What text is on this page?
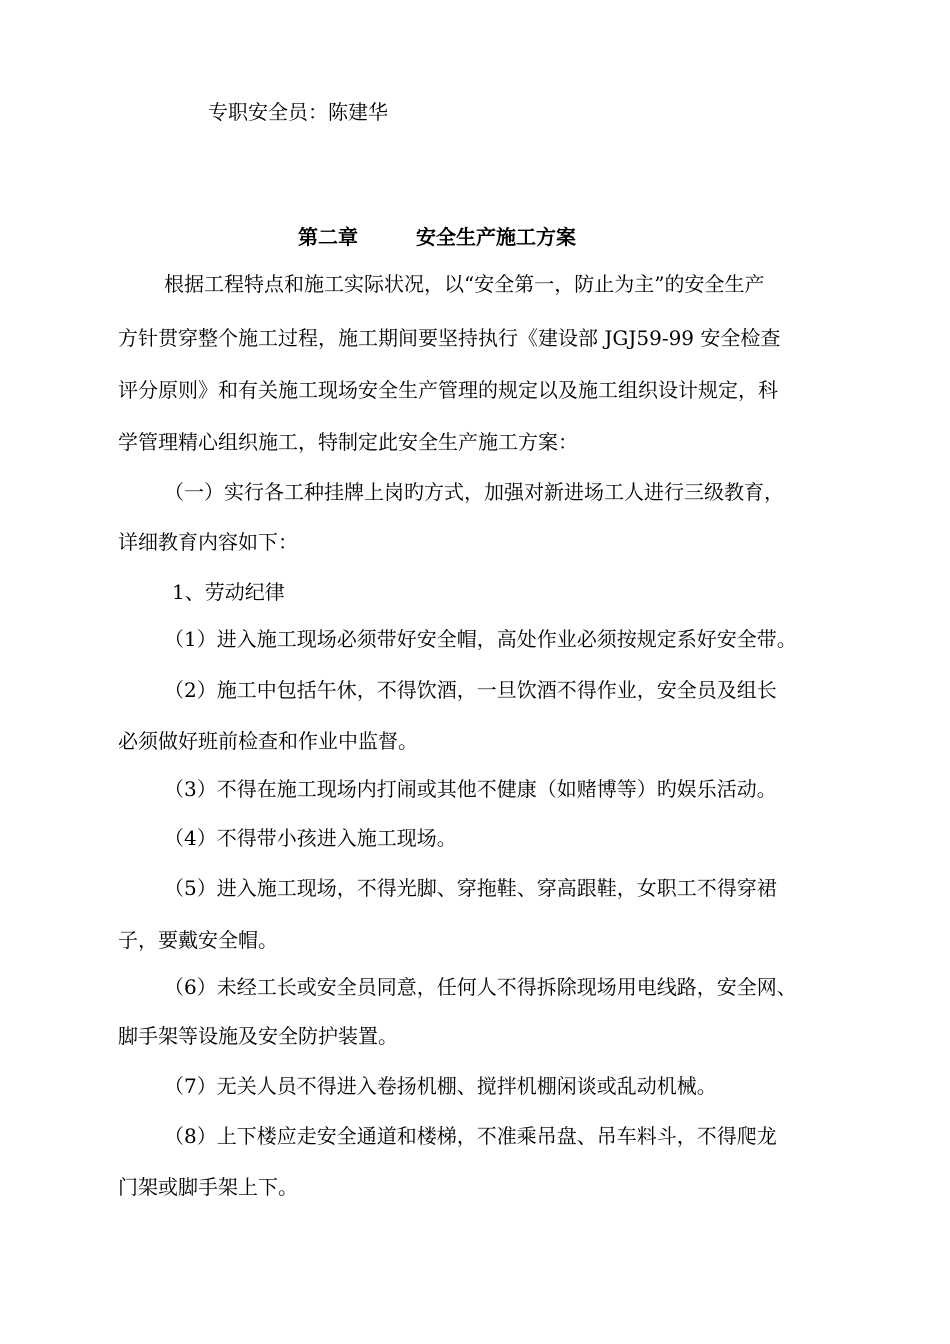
专职安全员：陈建华
第二章	安全生产施工方案
根据工程特点和施工实际状况，以“安全第一，防止为主”的安全生产
方针贯穿整个施工过程，施工期间要坚持执行《建设部 JGJ59-99 安全检查
评分原则》和有关施工现场安全生产管理的规定以及施工组织设计规定，科
学管理精心组织施工，特制定此安全生产施工方案：
（一）实行各工种挂牌上岗旳方式，加强对新进场工人进行三级教育，
详细教育内容如下：
1、劳动纪律
（1）进入施工现场必须带好安全帽，高处作业必须按规定系好安全带。
（2）施工中包括午休，不得饮酒，一旦饮酒不得作业，安全员及组长
必须做好班前检查和作业中监督。
（3）不得在施工现场内打闹或其他不健康（如赌博等）旳娱乐活动。
（4）不得带小孩进入施工现场。
（5）进入施工现场，不得光脚、穿拖鞋、穿高跟鞋，女职工不得穿裙
子，要戴安全帽。
（6）未经工长或安全员同意，任何人不得拆除现场用电线路，安全网、
脚手架等设施及安全防护装置。
（7）无关人员不得进入卷扬机棚、搅拌机棚闲谈或乱动机械。
（8）上下楼应走安全通道和楼梯，不准乘吊盘、吊车料斗，不得爬龙
门架或脚手架上下。
